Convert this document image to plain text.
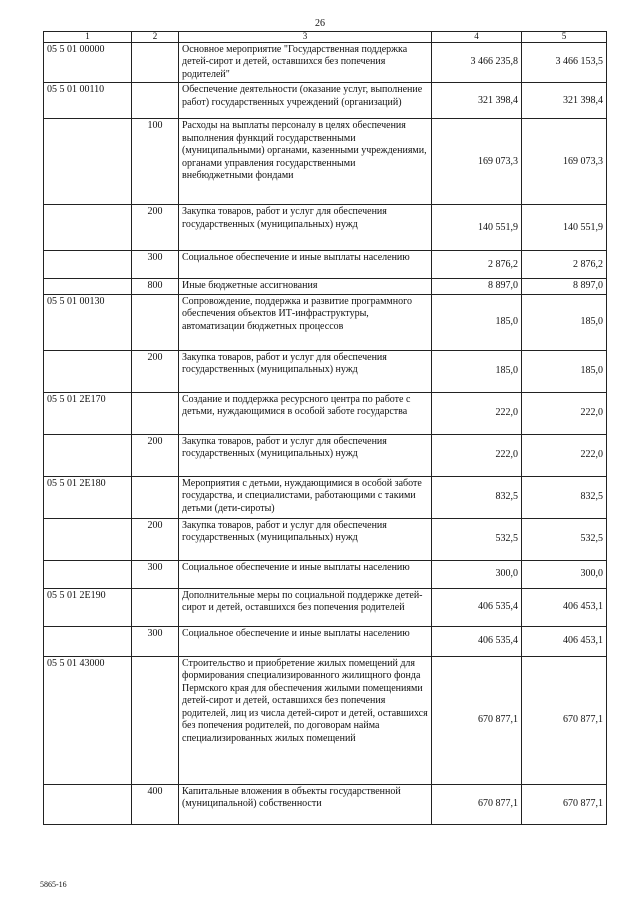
26
1	2	3	4	5
05 5 01 00000		Основное мероприятие "Государственная поддержка детей-сирот и детей, оставшихся без попечения родителей"	3 466 235,8	3 466 153,5
05 5 01 00110		Обеспечение деятельности (оказание услуг, выполнение работ) государственных учреждений (организаций)	321 398,4	321 398,4
	100	Расходы на выплаты персоналу в целях обеспечения выполнения функций государственными (муниципальными) органами, казенными учреждениями, органами управления государственными внебюджетными фондами	169 073,3	169 073,3
	200	Закупка товаров, работ и услуг для обеспечения государственных (муниципальных) нужд	140 551,9	140 551,9
	300	Социальное обеспечение и иные выплаты населению	2 876,2	2 876,2
	800	Иные бюджетные ассигнования	8 897,0	8 897,0
05 5 01 00130		Сопровождение, поддержка и развитие программного обеспечения объектов ИТ-инфраструктуры, автоматизации бюджетных процессов	185,0	185,0
	200	Закупка товаров, работ и услуг для обеспечения государственных (муниципальных) нужд	185,0	185,0
05 5 01 2Е170		Создание и поддержка ресурсного центра по работе с детьми, нуждающимися в особой заботе государства	222,0	222,0
	200	Закупка товаров, работ и услуг для обеспечения государственных (муниципальных) нужд	222,0	222,0
05 5 01 2Е180		Мероприятия с детьми, нуждающимися в особой заботе государства, и специалистами, работающими с такими детьми (дети-сироты)	832,5	832,5
	200	Закупка товаров, работ и услуг для обеспечения государственных (муниципальных) нужд	532,5	532,5
	300	Социальное обеспечение и иные выплаты населению	300,0	300,0
05 5 01 2Е190		Дополнительные меры по социальной поддержке детей-сирот и детей, оставшихся без попечения родителей	406 535,4	406 453,1
	300	Социальное обеспечение и иные выплаты населению	406 535,4	406 453,1
05 5 01 43000		Строительство и приобретение жилых помещений для формирования специализированного жилищного фонда Пермского края для обеспечения жилыми помещениями детей-сирот и детей, оставшихся без попечения родителей, лиц из числа детей-сирот и детей, оставшихся без попечения родителей, по договорам найма специализированных жилых помещений	670 877,1	670 877,1
	400	Капитальные вложения в объекты государственной (муниципальной) собственности	670 877,1	670 877,1
5865-16
